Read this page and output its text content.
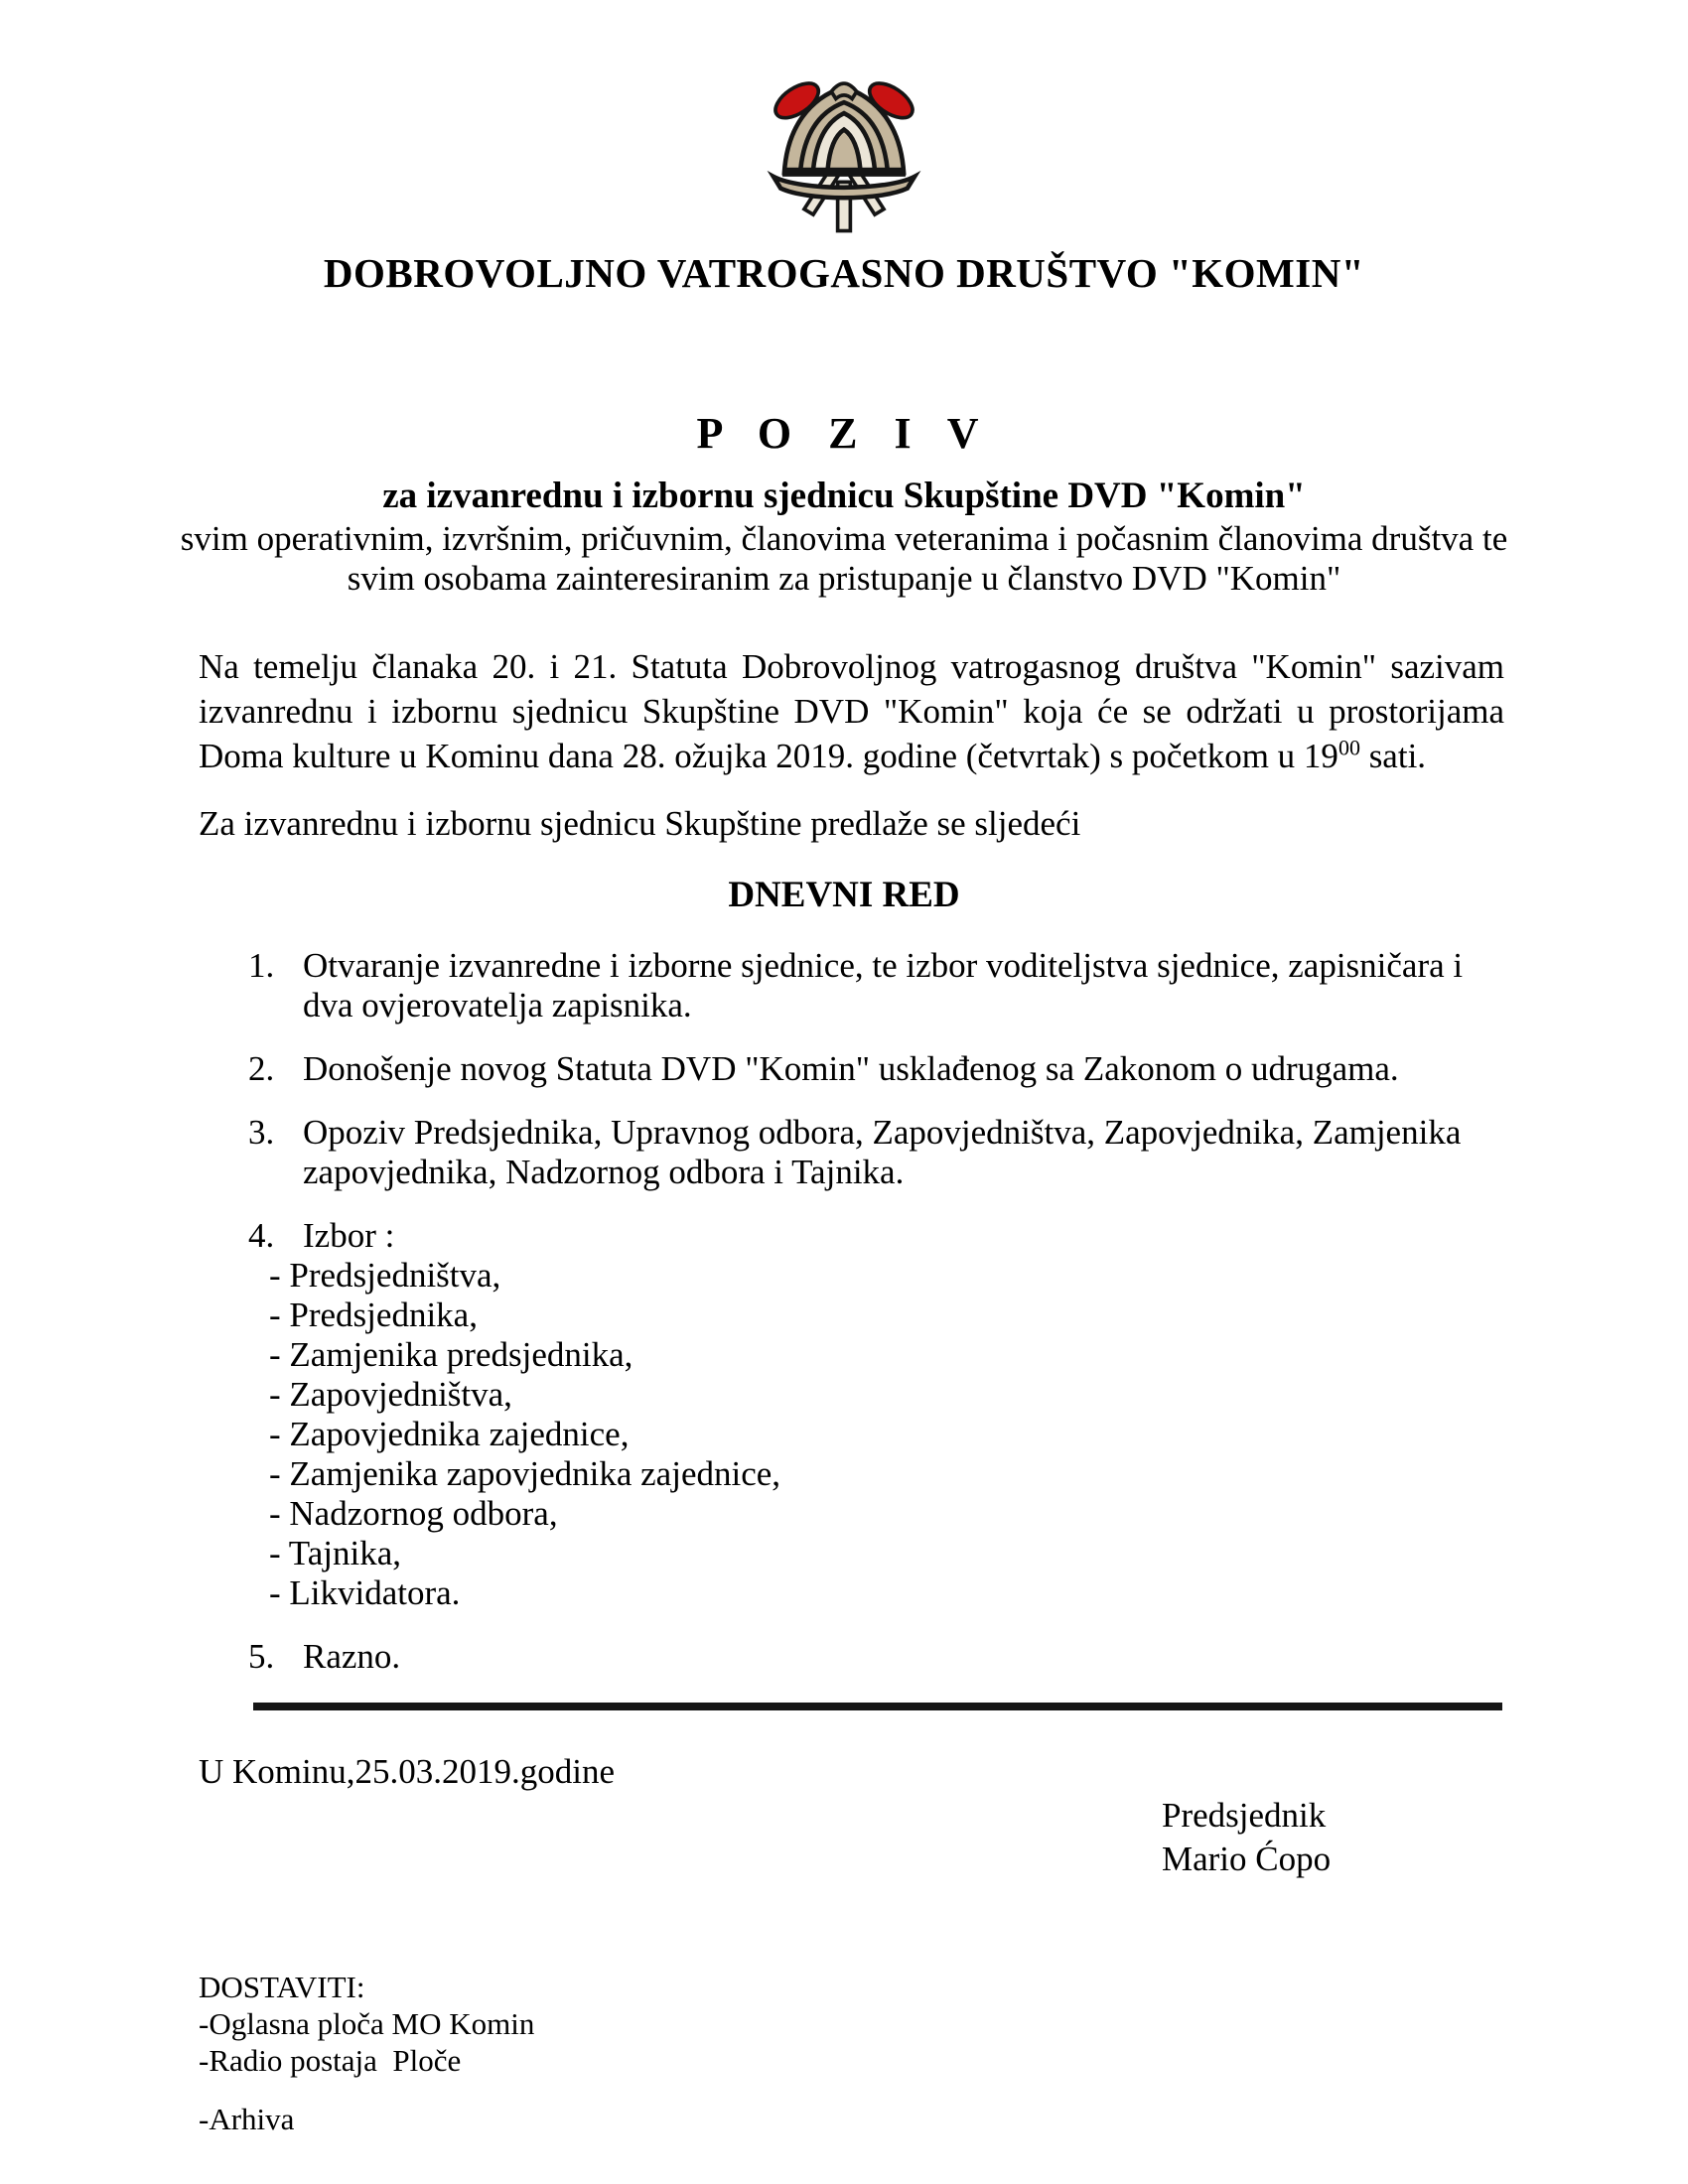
DOBROVOLJNO VATROGASNO DRUŠTVO "KOMIN"
P O Z I V
za izvanrednu i izbornu sjednicu Skupštine DVD "Komin"
svim operativnim, izvršnim, pričuvnim, članovima veteranima i počasnim članovima društva te
svim osobama zainteresiranim za pristupanje u članstvo DVD "Komin"
Na temelju članaka 20. i 21. Statuta Dobrovoljnog vatrogasnog društva "Komin" sazivam izvanrednu i izbornu sjednicu Skupštine DVD "Komin" koja će se održati u prostorijama Doma kulture u Kominu dana 28. ožujka 2019. godine (četvrtak) s početkom u $19^{00}$ sati.
Za izvanrednu i izbornu sjednicu Skupštine predlaže se sljedeći
DNEVNI RED
1. Otvaranje izvanredne i izborne sjednice, te izbor voditeljstva sjednice, zapisničara i dva ovjerovatelja zapisnika.
2. Donošenje novog Statuta DVD "Komin" usklađenog sa Zakonom o udrugama.
3. Opoziv Predsjednika, Upravnog odbora, Zapovjedništva, Zapovjednika, Zamjenika zapovjednika, Nadzornog odbora i Tajnika.
4. Izbor :
- Predsjedništva,
- Predsjednika,
- Zamjenika predsjednika,
- Zapovjedništva,
- Zapovjednika zajednice,
- Zamjenika zapovjednika zajednice,
- Nadzornog odbora,
- Tajnika,
- Likvidatora.
5. Razno.
U Kominu,25.03.2019.godine
Predsjednik
Mario Ćopo
DOSTAVITI:
-Oglasna ploča MO Komin
-Radio postaja  Ploče
-Arhiva
